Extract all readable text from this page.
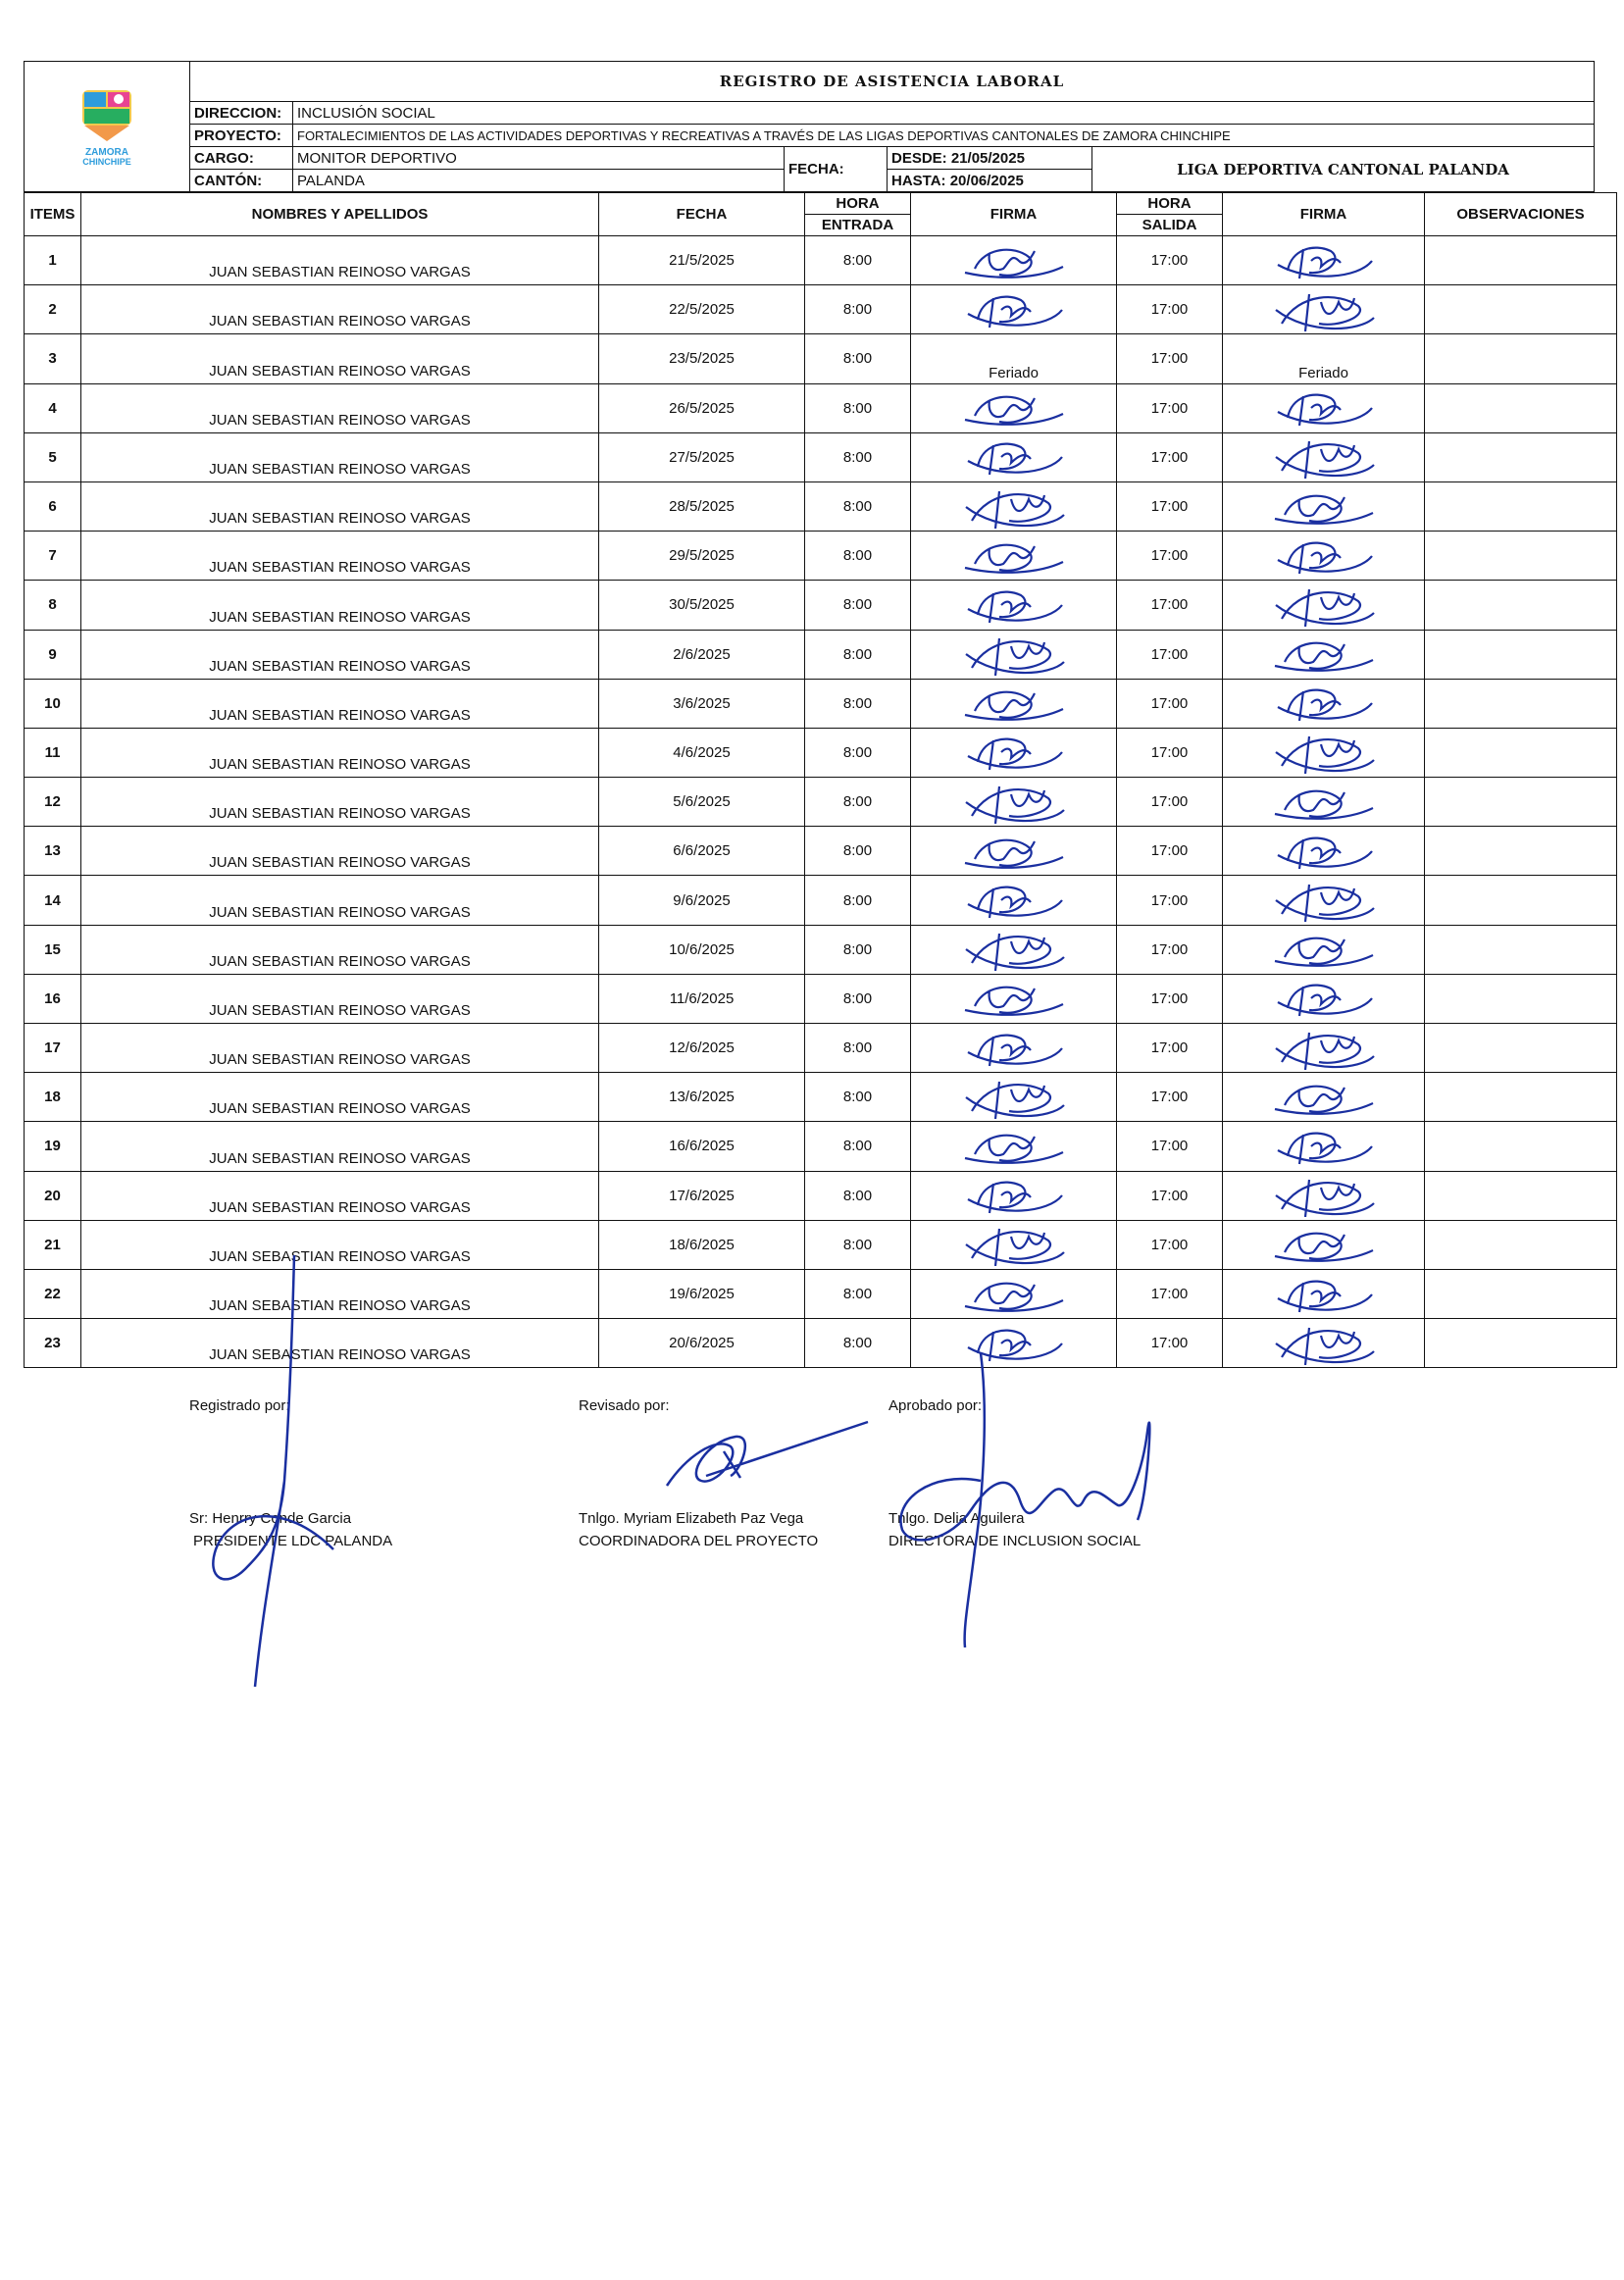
ZAMORA
CHINCHIPE	REGISTRO DE ASISTENCIA LABORAL				
	DIRECCION:	INCLUSIÓN SOCIAL			
	PROYECTO:	FORTALECIMIENTOS DE LAS ACTIVIDADES DEPORTIVAS Y RECREATIVAS A TRAVÉS DE LAS LIGAS DEPORTIVAS CANTONALES DE ZAMORA CHINCHIPE			
	CARGO:	MONITOR DEPORTIVO	FECHA:	DESDE: 21/05/2025	LIGA DEPORTIVA CANTONAL PALANDA
	CANTÓN:	PALANDA		HASTA: 20/06/2025	
ITEMS	NOMBRES Y APELLIDOS	FECHA	HORA	FIRMA	HORA	FIRMA	OBSERVACIONES
			ENTRADA		SALIDA		
1	JUAN SEBASTIAN REINOSO VARGAS	21/5/2025	8:00		17:00	

2	JUAN SEBASTIAN REINOSO VARGAS	22/5/2025	8:00		17:00	

3	JUAN SEBASTIAN REINOSO VARGAS	23/5/2025	8:00	Feriado	17:00	Feriado	

4	JUAN SEBASTIAN REINOSO VARGAS	26/5/2025	8:00		17:00	

5	JUAN SEBASTIAN REINOSO VARGAS	27/5/2025	8:00		17:00	

6	JUAN SEBASTIAN REINOSO VARGAS	28/5/2025	8:00		17:00	

7	JUAN SEBASTIAN REINOSO VARGAS	29/5/2025	8:00		17:00	

8	JUAN SEBASTIAN REINOSO VARGAS	30/5/2025	8:00		17:00	

9	JUAN SEBASTIAN REINOSO VARGAS	2/6/2025	8:00		17:00	

10	JUAN SEBASTIAN REINOSO VARGAS	3/6/2025	8:00		17:00	

11	JUAN SEBASTIAN REINOSO VARGAS	4/6/2025	8:00		17:00	

12	JUAN SEBASTIAN REINOSO VARGAS	5/6/2025	8:00		17:00	

13	JUAN SEBASTIAN REINOSO VARGAS	6/6/2025	8:00		17:00	

14	JUAN SEBASTIAN REINOSO VARGAS	9/6/2025	8:00		17:00	

15	JUAN SEBASTIAN REINOSO VARGAS	10/6/2025	8:00		17:00	

16	JUAN SEBASTIAN REINOSO VARGAS	11/6/2025	8:00		17:00	

17	JUAN SEBASTIAN REINOSO VARGAS	12/6/2025	8:00		17:00	

18	JUAN SEBASTIAN REINOSO VARGAS	13/6/2025	8:00		17:00	

19	JUAN SEBASTIAN REINOSO VARGAS	16/6/2025	8:00		17:00	

20	JUAN SEBASTIAN REINOSO VARGAS	17/6/2025	8:00		17:00	

21	JUAN SEBASTIAN REINOSO VARGAS	18/6/2025	8:00		17:00	

22	JUAN SEBASTIAN REINOSO VARGAS	19/6/2025	8:00		17:00	

23	JUAN SEBASTIAN REINOSO VARGAS	20/6/2025	8:00		17:00	

Registrado por:
Sr: Henrry Conde Garcia
PRESIDENTE LDC PALANDA
Revisado por:
Tnlgo. Myriam Elizabeth Paz Vega
COORDINADORA DEL PROYECTO
Aprobado por:
Tnlgo. Delia Aguilera
DIRECTORA DE INCLUSION SOCIAL
